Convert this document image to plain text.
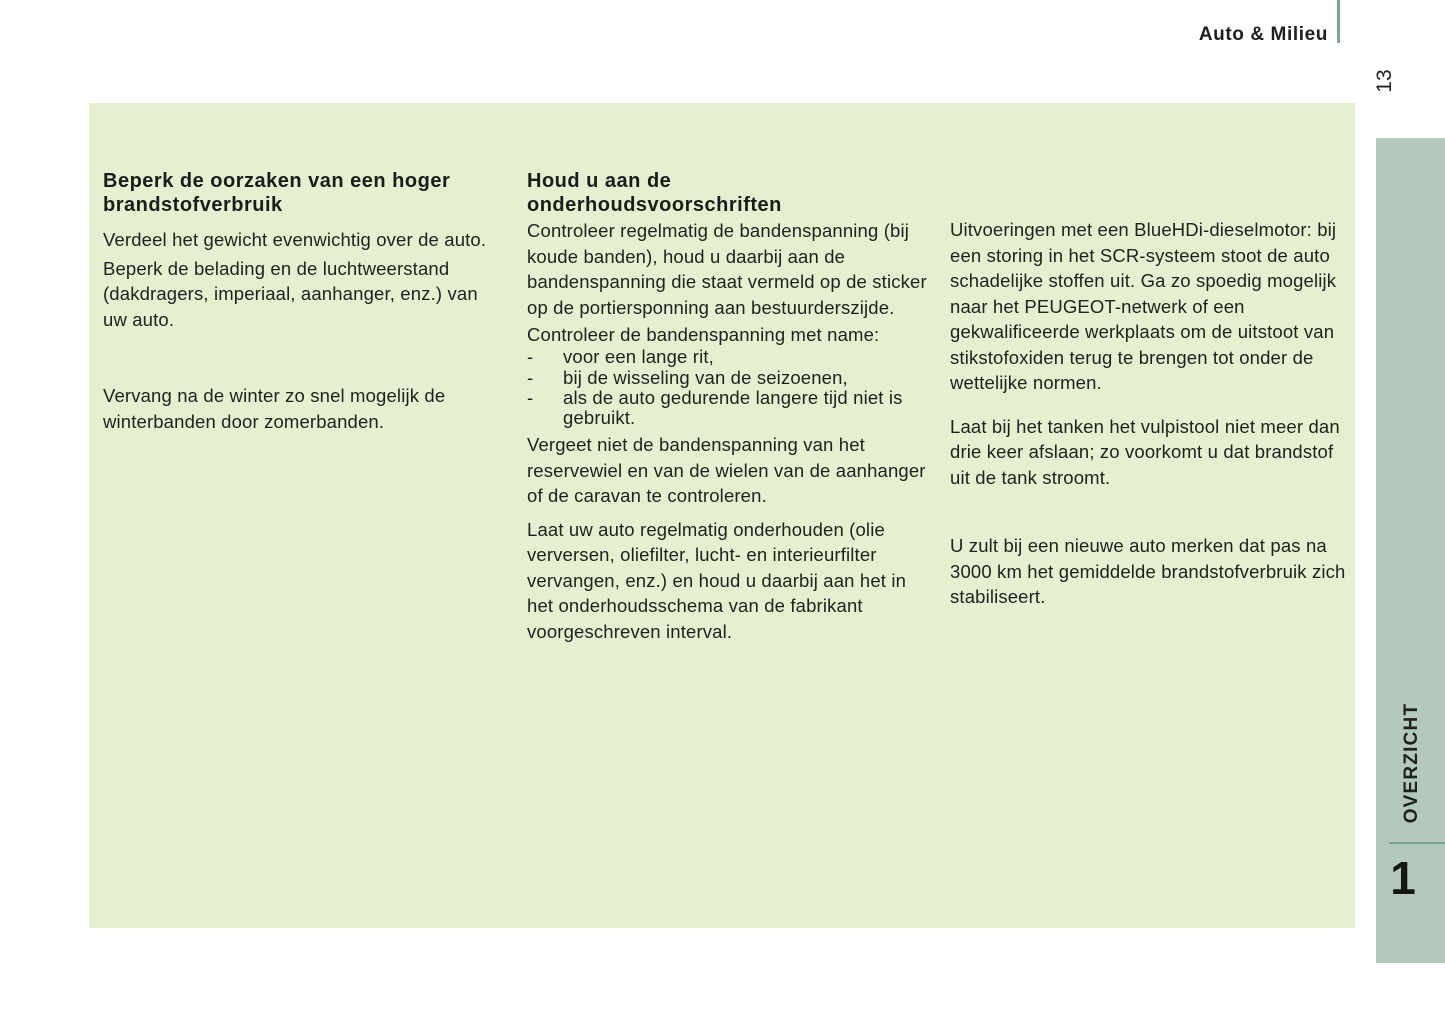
Auto & Milieu
13
Beperk de oorzaken van een hoger brandstofverbruik

Verdeel het gewicht evenwichtig over de auto.

Beperk de belading en de luchtweerstand (dakdragers, imperiaal, aanhanger, enz.) van uw auto.

Vervang na de winter zo snel mogelijk de winterbanden door zomerbanden.

Houd u aan de onderhoudsvoorschriften

Controleer regelmatig de bandenspanning (bij koude banden), houd u daarbij aan de bandenspanning die staat vermeld op de sticker op de portiersponning aan bestuurderszijde.

Controleer de bandenspanning met name:

- voor een lange rit,
- bij de wisseling van de seizoenen,
- als de auto gedurende langere tijd niet is gebruikt.

Vergeet niet de bandenspanning van het reservewiel en van de wielen van de aanhanger of de caravan te controleren.

Laat uw auto regelmatig onderhouden (olie verversen, oliefilter, lucht- en interieurfilter vervangen, enz.) en houd u daarbij aan het in het onderhoudsschema van de fabrikant voorgeschreven interval.

Uitvoeringen met een BlueHDi-dieselmotor: bij een storing in het SCR-systeem stoot de auto schadelijke stoffen uit. Ga zo spoedig mogelijk naar het PEUGEOT-netwerk of een gekwalificeerde werkplaats om de uitstoot van stikstofoxiden terug te brengen tot onder de wettelijke normen.

Laat bij het tanken het vulpistool niet meer dan drie keer afslaan; zo voorkomt u dat brandstof uit de tank stroomt.

U zult bij een nieuwe auto merken dat pas na 3000 km het gemiddelde brandstofverbruik zich stabiliseert.

OVERZICHT
1
